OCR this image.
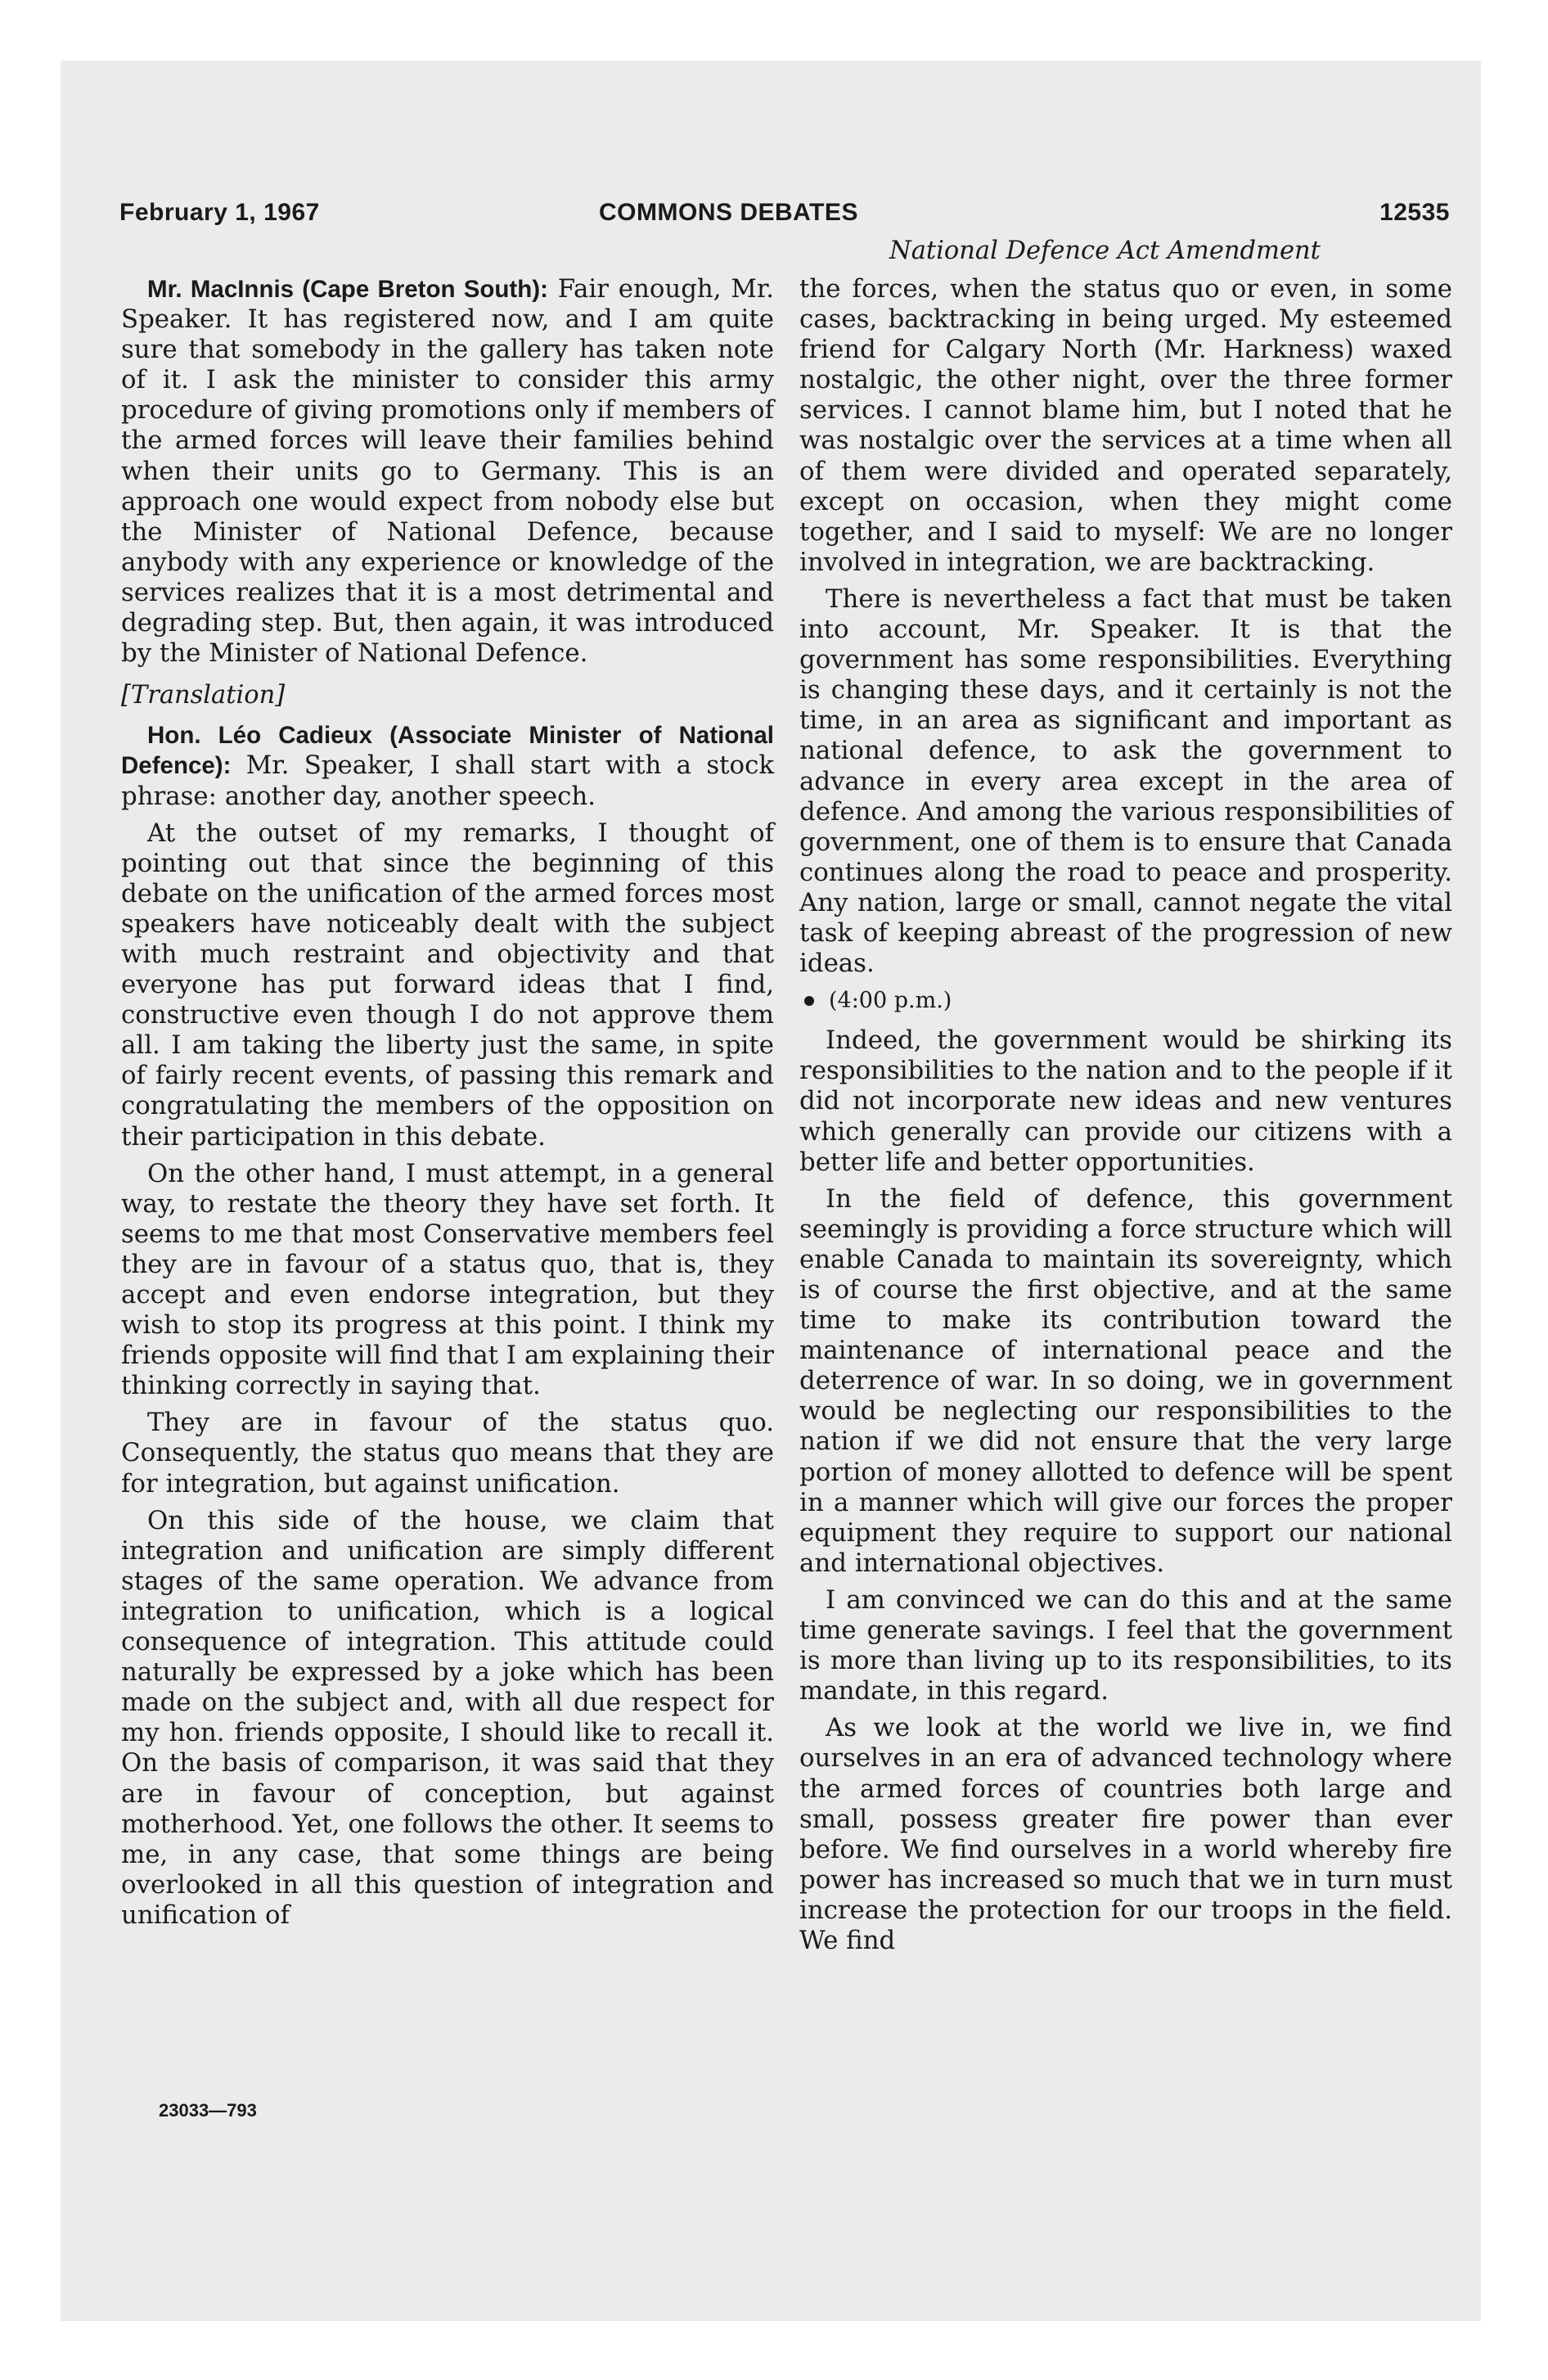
February 1, 1967	COMMONS DEBATES	12535
National Defence Act Amendment

Mr. MacInnis (Cape Breton South): Fair enough, Mr. Speaker. It has registered now, and I am quite sure that somebody in the gallery has taken note of it. I ask the minister to consider this army procedure of giving promotions only if members of the armed forces will leave their families behind when their units go to Germany. This is an approach one would expect from nobody else but the Minister of National Defence, because anybody with any experience or knowledge of the services realizes that it is a most detrimental and degrading step. But, then again, it was introduced by the Minister of National Defence.

[Translation]

Hon. Léo Cadieux (Associate Minister of National Defence): Mr. Speaker, I shall start with a stock phrase: another day, another speech.

At the outset of my remarks, I thought of pointing out that since the beginning of this debate on the unification of the armed forces most speakers have noticeably dealt with the subject with much restraint and objectivity and that everyone has put forward ideas that I find, constructive even though I do not approve them all. I am taking the liberty just the same, in spite of fairly recent events, of passing this remark and congratulating the members of the opposition on their participation in this debate.

On the other hand, I must attempt, in a general way, to restate the theory they have set forth. It seems to me that most Conservative members feel they are in favour of a status quo, that is, they accept and even endorse integration, but they wish to stop its progress at this point. I think my friends opposite will find that I am explaining their thinking correctly in saying that.

They are in favour of the status quo. Consequently, the status quo means that they are for integration, but against unification.

On this side of the house, we claim that integration and unification are simply different stages of the same operation. We advance from integration to unification, which is a logical consequence of integration. This attitude could naturally be expressed by a joke which has been made on the subject and, with all due respect for my hon. friends opposite, I should like to recall it. On the basis of comparison, it was said that they are in favour of conception, but against motherhood. Yet, one follows the other. It seems to me, in any case, that some things are being overlooked in all this question of integration and unification of

23033—793

the forces, when the status quo or even, in some cases, backtracking in being urged. My esteemed friend for Calgary North (Mr. Harkness) waxed nostalgic, the other night, over the three former services. I cannot blame him, but I noted that he was nostalgic over the services at a time when all of them were divided and operated separately, except on occasion, when they might come together, and I said to myself: We are no longer involved in integration, we are backtracking.

There is nevertheless a fact that must be taken into account, Mr. Speaker. It is that the government has some responsibilities. Everything is changing these days, and it certainly is not the time, in an area as significant and important as national defence, to ask the government to advance in every area except in the area of defence. And among the various responsibilities of government, one of them is to ensure that Canada continues along the road to peace and prosperity. Any nation, large or small, cannot negate the vital task of keeping abreast of the progression of new ideas.

(4:00 p.m.)

Indeed, the government would be shirking its responsibilities to the nation and to the people if it did not incorporate new ideas and new ventures which generally can provide our citizens with a better life and better opportunities.

In the field of defence, this government seemingly is providing a force structure which will enable Canada to maintain its sovereignty, which is of course the first objective, and at the same time to make its contribution toward the maintenance of international peace and the deterrence of war. In so doing, we in government would be neglecting our responsibilities to the nation if we did not ensure that the very large portion of money allotted to defence will be spent in a manner which will give our forces the proper equipment they require to support our national and international objectives.

I am convinced we can do this and at the same time generate savings. I feel that the government is more than living up to its responsibilities, to its mandate, in this regard.

As we look at the world we live in, we find ourselves in an era of advanced technology where the armed forces of countries both large and small, possess greater fire power than ever before. We find ourselves in a world whereby fire power has increased so much that we in turn must increase the protection for our troops in the field. We find
